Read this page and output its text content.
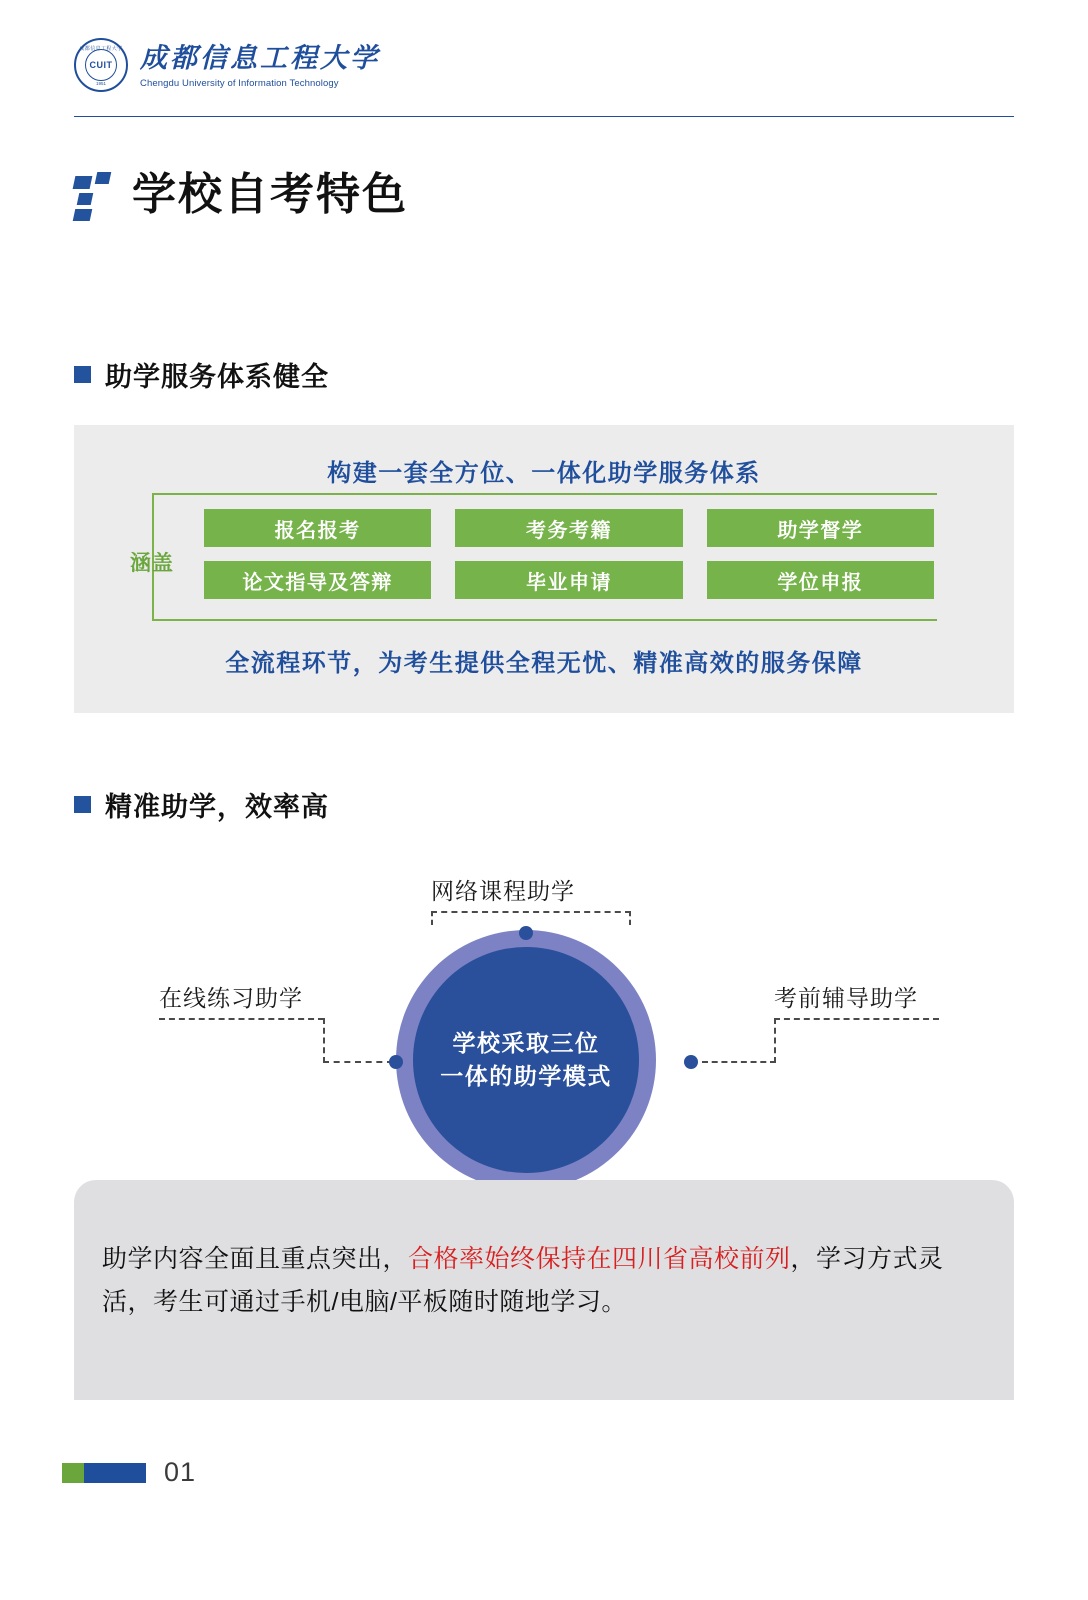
成都信息工程大学
CUIT
1951
成都信息工程大学
Chengdu University of Information Technology
学校自考特色
助学服务体系健全
构建一套全方位、一体化助学服务体系
涵盖
报名报考	考务考籍	助学督学
论文指导及答辩	毕业申请	学位申报
全流程环节，为考生提供全程无忧、精准高效的服务保障
精准助学，效率高
学校采取三位
一体的助学模式
网络课程助学
在线练习助学	考前辅导助学
助学内容全面且重点突出，合格率始终保持在四川省高校前列，学习方式灵活，考生可通过手机/电脑/平板随时随地学习。
01
